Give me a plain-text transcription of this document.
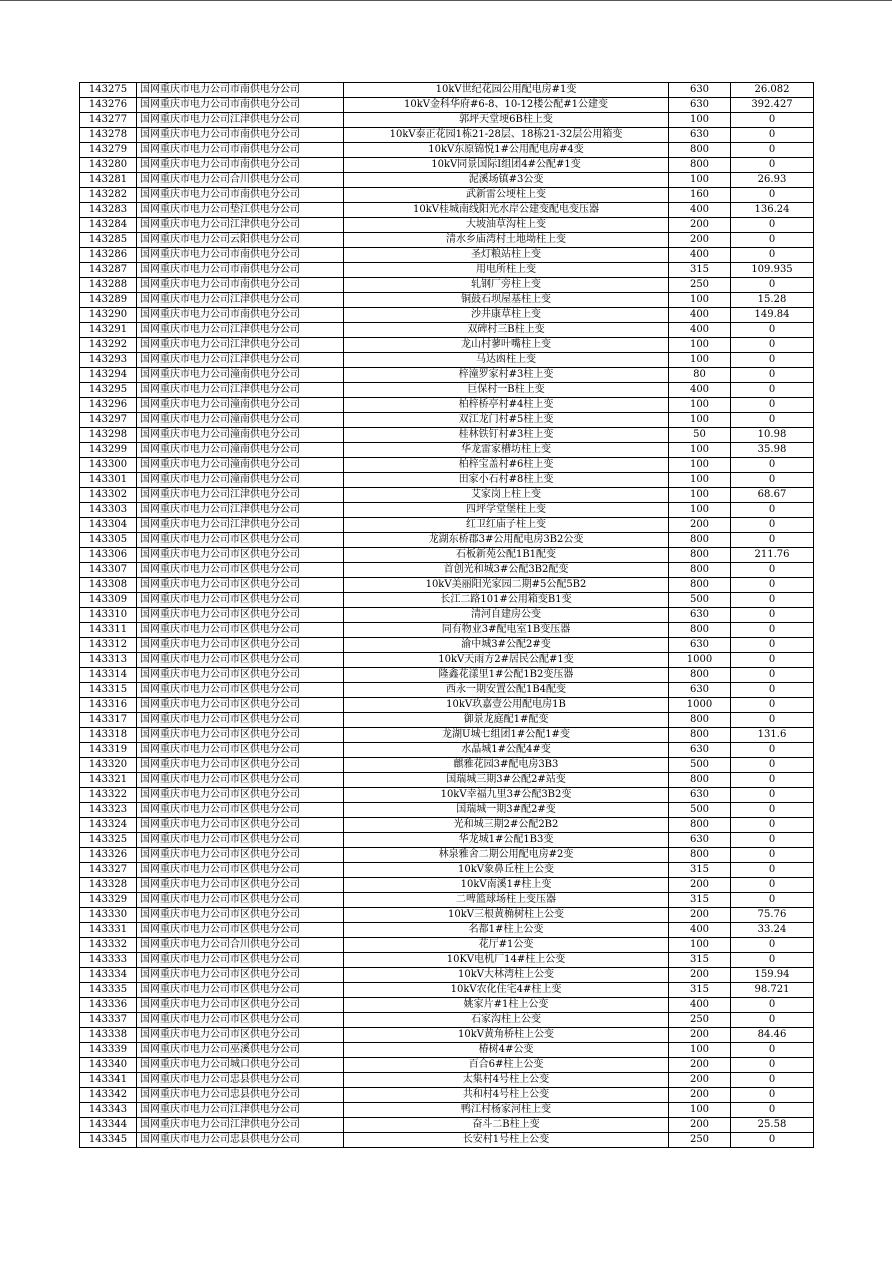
143275	国网重庆市电力公司市南供电分公司	10kV世纪花园公用配电房#1变	630	26.082
143276	国网重庆市电力公司市南供电分公司	10kV金科华府#6-8、10-12楼公配#1公建变	630	392.427
143277	国网重庆市电力公司江津供电分公司	郭坪天堂埂6B柱上变	100	0
143278	国网重庆市电力公司市南供电分公司	10kV泰正花园1栋21-28层、18栋21-32层公用箱变	630	0
143279	国网重庆市电力公司市南供电分公司	10kV东原锦悦1#公用配电房#4变	800	0
143280	国网重庆市电力公司市南供电分公司	10kV同景国际I组团4#公配#1变	800	0
143281	国网重庆市电力公司合川供电分公司	泥溪场镇#3公变	100	26.93
143282	国网重庆市电力公司市南供电分公司	武新雷公埂柱上变	160	0
143283	国网重庆市电力公司垫江供电分公司	10kV桂城南线阳光水岸公建变配电变压器	400	136.24
143284	国网重庆市电力公司江津供电分公司	大坡油草沟柱上变	200	0
143285	国网重庆市电力公司云阳供电分公司	清水乡庙湾村土地坳柱上变	200	0
143286	国网重庆市电力公司市南供电分公司	圣灯粮站柱上变	400	0
143287	国网重庆市电力公司市南供电分公司	用电所柱上变	315	109.935
143288	国网重庆市电力公司市南供电分公司	轧钢厂旁柱上变	250	0
143289	国网重庆市电力公司江津供电分公司	铜鼓石坝屋基柱上变	100	15.28
143290	国网重庆市电力公司市南供电分公司	沙井康草柱上变	400	149.84
143291	国网重庆市电力公司江津供电分公司	双碑村三B柱上变	400	0
143292	国网重庆市电力公司江津供电分公司	龙山村蓼叶嘴柱上变	100	0
143293	国网重庆市电力公司江津供电分公司	马达凼柱上变	100	0
143294	国网重庆市电力公司潼南供电分公司	梓潼罗家村#3柱上变	80	0
143295	国网重庆市电力公司江津供电分公司	巨保村一B柱上变	400	0
143296	国网重庆市电力公司潼南供电分公司	柏梓桥亭村#4柱上变	100	0
143297	国网重庆市电力公司潼南供电分公司	双江龙门村#5柱上变	100	0
143298	国网重庆市电力公司潼南供电分公司	桂林铁钉村#3柱上变	50	10.98
143299	国网重庆市电力公司潼南供电分公司	华龙雷家槽坊柱上变	100	35.98
143300	国网重庆市电力公司潼南供电分公司	柏梓宝盖村#6柱上变	100	0
143301	国网重庆市电力公司潼南供电分公司	田家小石村#8柱上变	100	0
143302	国网重庆市电力公司江津供电分公司	艾家岗上柱上变	100	68.67
143303	国网重庆市电力公司江津供电分公司	四坪学堂堡柱上变	100	0
143304	国网重庆市电力公司江津供电分公司	红卫红庙子柱上变	200	0
143305	国网重庆市电力公司市区供电分公司	龙湖东桥郡3#公用配电房3B2公变	800	0
143306	国网重庆市电力公司市区供电分公司	石板新苑公配1B1配变	800	211.76
143307	国网重庆市电力公司市区供电分公司	首创光和城3#公配3B2配变	800	0
143308	国网重庆市电力公司市区供电分公司	10kV美丽阳光家园二期#5公配5B2	800	0
143309	国网重庆市电力公司市区供电分公司	长江二路101#公用箱变B1变	500	0
143310	国网重庆市电力公司市区供电分公司	清河自建房公变	630	0
143311	国网重庆市电力公司市区供电分公司	同有物业3#配电室1B变压器	800	0
143312	国网重庆市电力公司市区供电分公司	渝中城3#公配2#变	630	0
143313	国网重庆市电力公司市区供电分公司	10kV天雨方2#居民公配#1变	1000	0
143314	国网重庆市电力公司市区供电分公司	隆鑫花漾里1#公配1B2变压器	800	0
143315	国网重庆市电力公司市区供电分公司	西永一期安置公配1B4配变	630	0
143316	国网重庆市电力公司市区供电分公司	10kV玖嘉壹公用配电房1B	1000	0
143317	国网重庆市电力公司市区供电分公司	御景龙庭配1#配变	800	0
143318	国网重庆市电力公司市区供电分公司	龙湖U城七组团1#公配1#变	800	131.6
143319	国网重庆市电力公司市区供电分公司	水晶城1#公配4#变	630	0
143320	国网重庆市电力公司市区供电分公司	麒雅花园3#配电房3B3	500	0
143321	国网重庆市电力公司市区供电分公司	国瑞城三期3#公配2#站变	800	0
143322	国网重庆市电力公司市区供电分公司	10kV幸福九里3#公配3B2变	630	0
143323	国网重庆市电力公司市区供电分公司	国瑞城一期3#配2#变	500	0
143324	国网重庆市电力公司市区供电分公司	光和城三期2#公配2B2	800	0
143325	国网重庆市电力公司市区供电分公司	华龙城1#公配1B3变	630	0
143326	国网重庆市电力公司市区供电分公司	林泉雅舍二期公用配电房#2变	800	0
143327	国网重庆市电力公司市区供电分公司	10kV象鼻丘柱上公变	315	0
143328	国网重庆市电力公司市区供电分公司	10kV南溪1#柱上变	200	0
143329	国网重庆市电力公司市区供电分公司	二啤篮球场柱上变压器	315	0
143330	国网重庆市电力公司市区供电分公司	10kV三根黄桷树柱上公变	200	75.76
143331	国网重庆市电力公司市区供电分公司	名都1#柱上公变	400	33.24
143332	国网重庆市电力公司合川供电分公司	花厅#1公变	100	0
143333	国网重庆市电力公司市区供电分公司	10KV电机厂14#柱上公变	315	0
143334	国网重庆市电力公司市区供电分公司	10kV大林湾柱上公变	200	159.94
143335	国网重庆市电力公司市区供电分公司	10kV农化住宅4#柱上变	315	98.721
143336	国网重庆市电力公司市区供电分公司	姚家片#1柱上公变	400	0
143337	国网重庆市电力公司市区供电分公司	石家沟柱上公变	250	0
143338	国网重庆市电力公司市区供电分公司	10kV黄角桥柱上公变	200	84.46
143339	国网重庆市电力公司巫溪供电分公司	椿树4#公变	100	0
143340	国网重庆市电力公司城口供电分公司	百合6#柱上公变	200	0
143341	国网重庆市电力公司忠县供电分公司	太集村4号柱上公变	200	0
143342	国网重庆市电力公司忠县供电分公司	共和村4号柱上公变	200	0
143343	国网重庆市电力公司江津供电分公司	鸭江村杨家河柱上变	100	0
143344	国网重庆市电力公司江津供电分公司	奋斗二B柱上变	200	25.58
143345	国网重庆市电力公司忠县供电分公司	长安村1号柱上公变	250	0
